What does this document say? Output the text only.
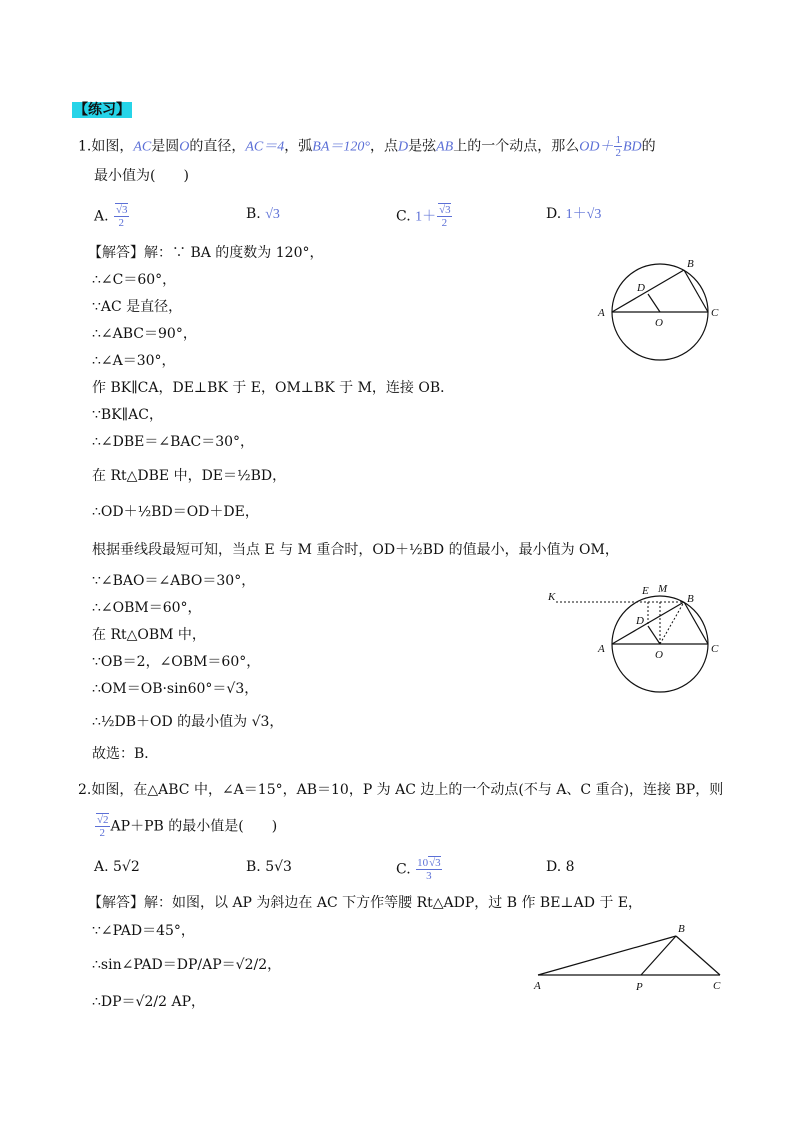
【练习】
1.如图，AC是圆O的直径，AC＝4，弧BA＝120°，点D是弦AB上的一个动点，那么$OD+ \frac{1}{2}$ BD的
最小值为(　　)
A. $\frac{√3}{2}$	B. √3	C. $1+ \frac{√3}{2}$	D. 1＋√3
【解答】解：∵ BA 的度数为 120°，
∴∠C＝60°，
∵AC 是直径，
∴∠ABC＝90°，
∴∠A＝30°，
作 BK∥CA，DE⊥BK 于 E，OM⊥BK 于 M，连接 OB．
∵BK∥AC，
∴∠DBE＝∠BAC＝30°，
在 Rt△DBE 中，DE＝½BD，
∴OD＋½BD＝OD＋DE，
根据垂线段最短可知，当点 E 与 M 重合时，OD＋½BD 的值最小，最小值为 OM，
∵∠BAO＝∠ABO＝30°，
∴∠OBM＝60°，
在 Rt△OBM 中，
∵OB＝2，∠OBM＝60°，
∴OM＝OB·sin60°＝√3，
∴½DB＋OD 的最小值为 √3，
故选：B．
A
B
C
D
O
K	E M
B
D
A	O	C
2.如图，在△ABC 中，∠A＝15°，AB＝10，P 为 AC 边上的一个动点(不与 A、C 重合)，连接 BP，则
$\frac{√2}{2} AP+PB$ 的最小值是(　　)
A. 5√2	B. 5√3	C. $\frac{10√3}{3}$	D. 8
【解答】解：如图，以 AP 为斜边在 AC 下方作等腰 Rt△ADP，过 B 作 BE⊥AD 于 E，
∵∠PAD＝45°，
∴sin∠PAD＝DP/AP＝√2/2，
∴DP＝√2/2 AP，
A
B
C
P
